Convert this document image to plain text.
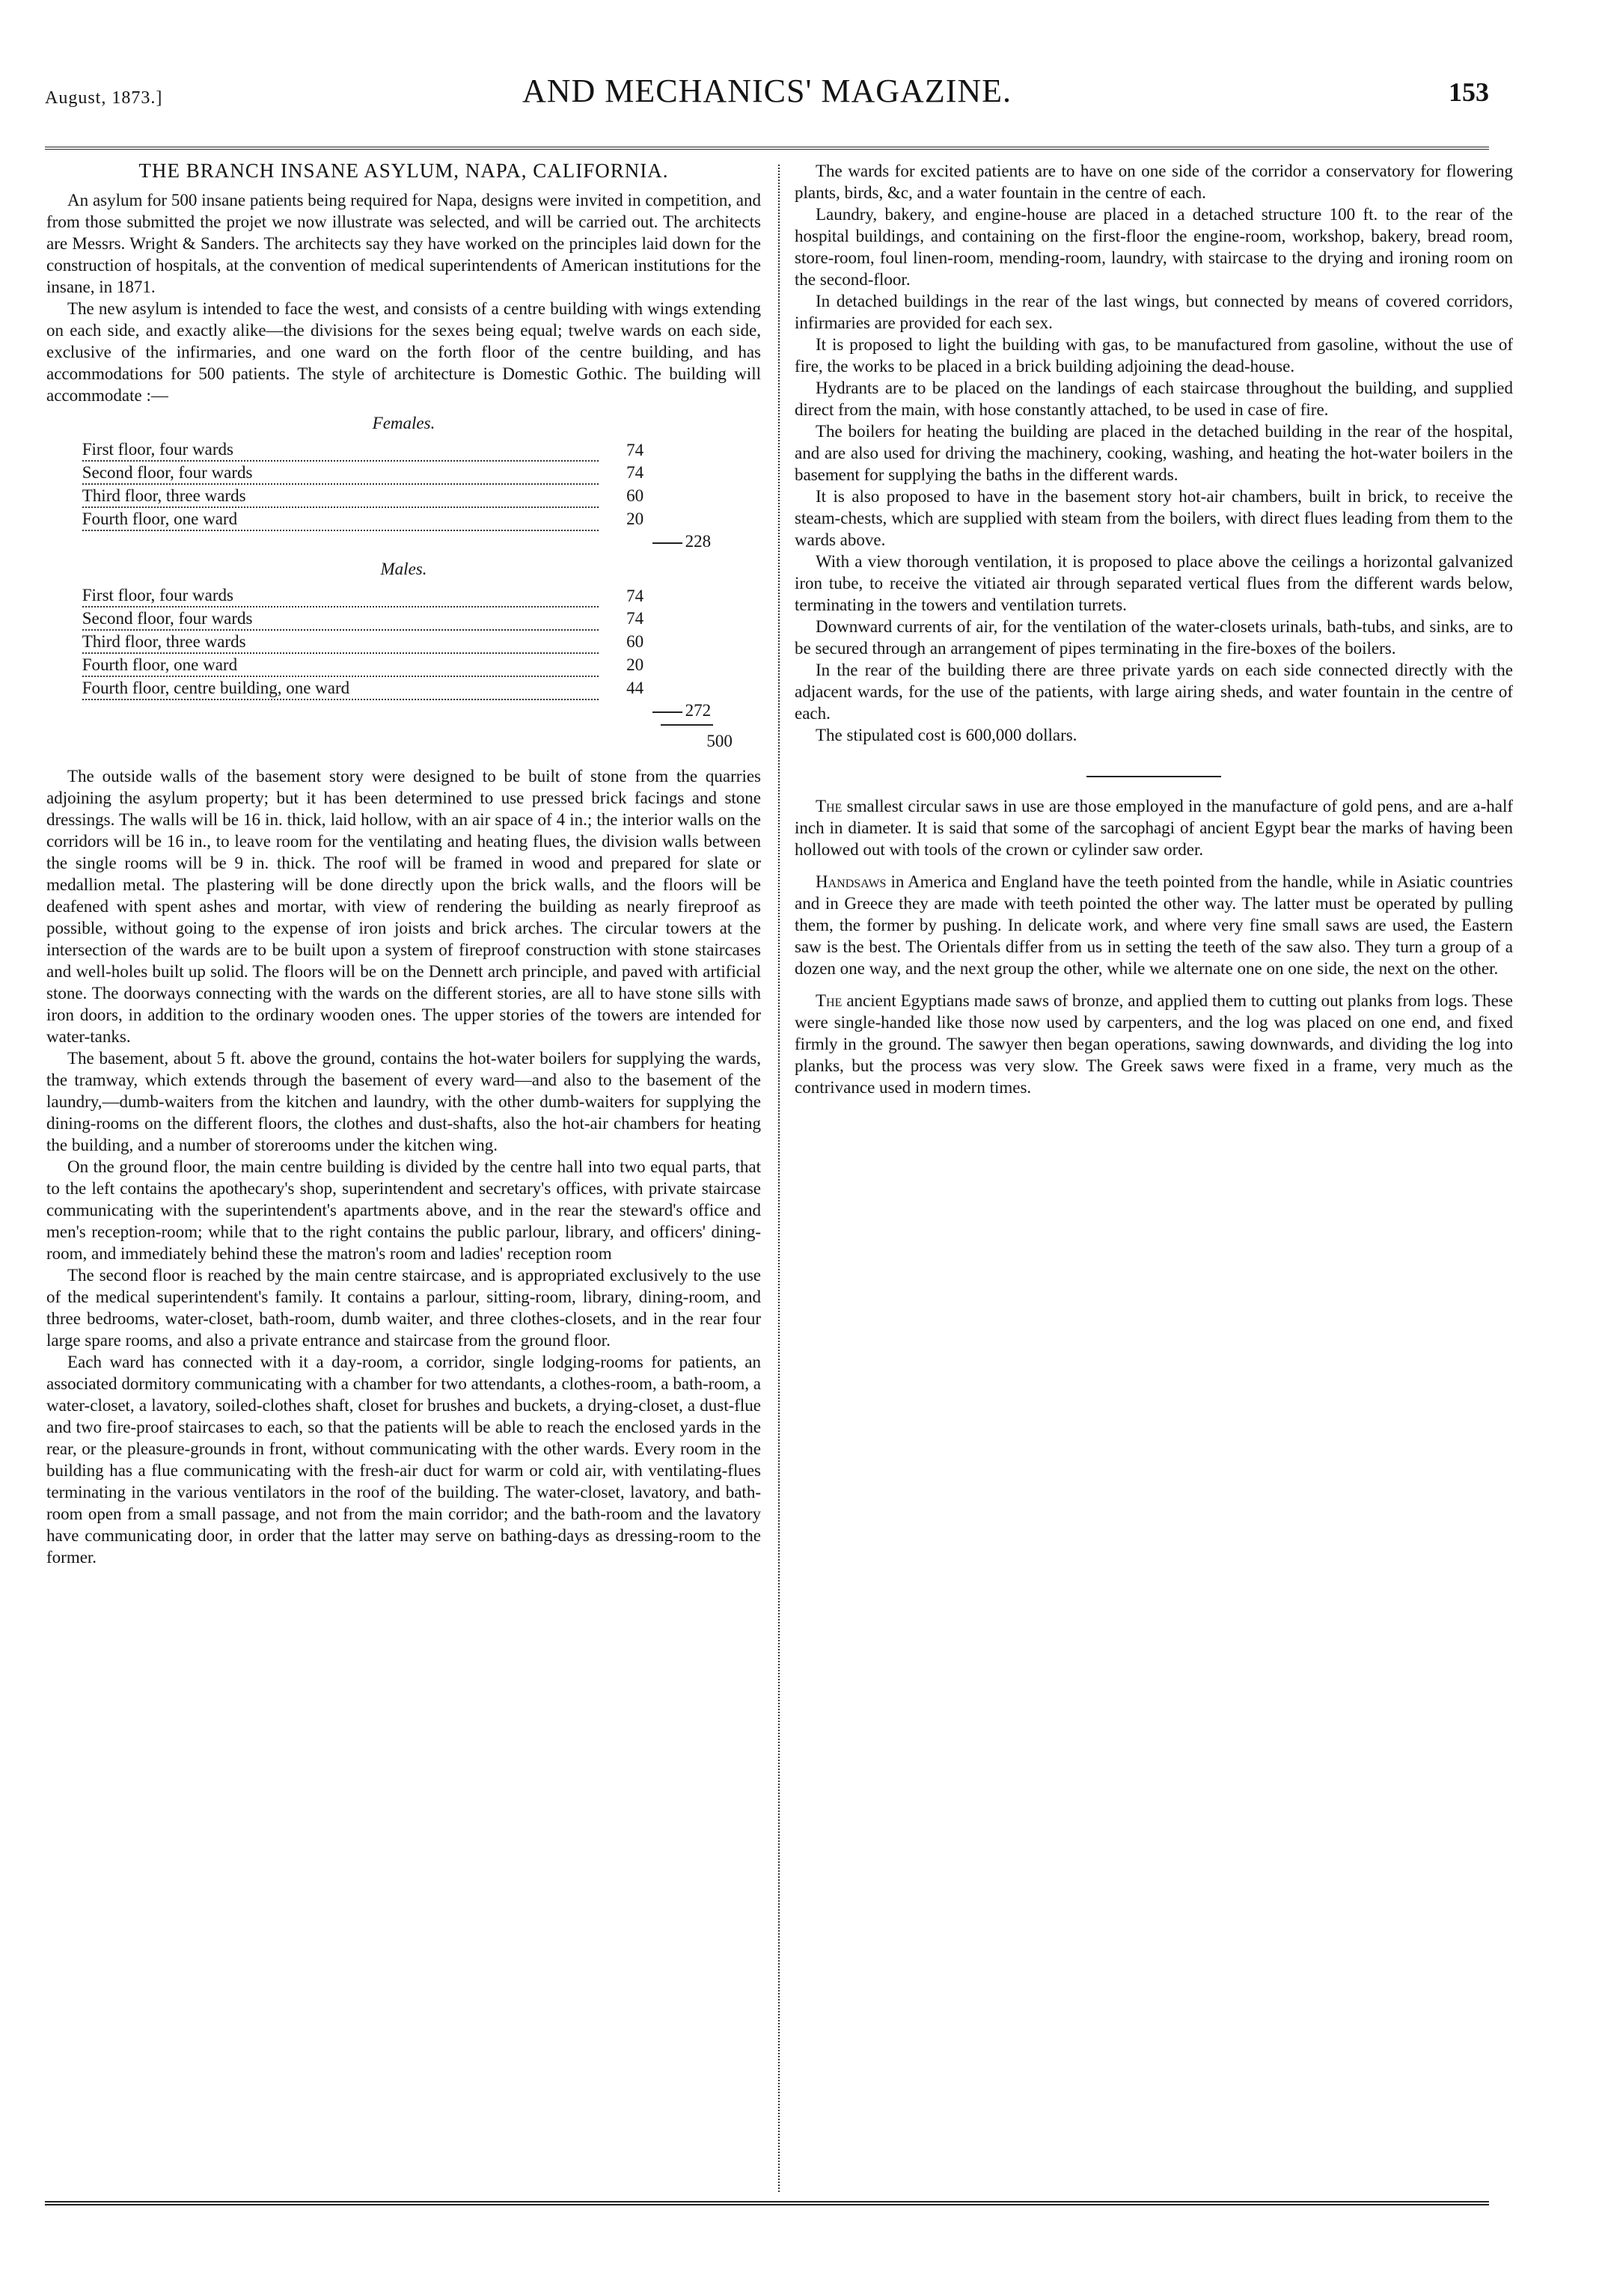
August, 1873.]	AND MECHANICS' MAGAZINE.	153
THE BRANCH INSANE ASYLUM, NAPA, CALIFORNIA.

An asylum for 500 insane patients being required for Napa, designs were invited in competition, and from those submitted the projet we now illustrate was selected, and will be carried out. The architects are Messrs. Wright & Sanders. The architects say they have worked on the principles laid down for the construction of hospitals, at the convention of medical superintendents of American institutions for the insane, in 1871.

The new asylum is intended to face the west, and consists of a centre building with wings extending on each side, and exactly alike—the divisions for the sexes being equal; twelve wards on each side, exclusive of the infirmaries, and one ward on the forth floor of the centre building, and has accommodations for 500 patients. The style of architecture is Domestic Gothic. The building will accommodate :—

Females.
First floor, four wards	74	
Second floor, four wards	74	
Third floor, three wards	60	
Fourth floor, one ward	20	
		228
Males.
First floor, four wards	74	
Second floor, four wards	74	
Third floor, three wards	60	
Fourth floor, one ward	20	
Fourth floor, centre building, one ward	44	
		272
500

The outside walls of the basement story were designed to be built of stone from the quarries adjoining the asylum property; but it has been determined to use pressed brick facings and stone dressings. The walls will be 16 in. thick, laid hollow, with an air space of 4 in.; the interior walls on the corridors will be 16 in., to leave room for the ventilating and heating flues, the division walls between the single rooms will be 9 in. thick. The roof will be framed in wood and prepared for slate or medallion metal. The plastering will be done directly upon the brick walls, and the floors will be deafened with spent ashes and mortar, with view of rendering the building as nearly fireproof as possible, without going to the expense of iron joists and brick arches. The circular towers at the intersection of the wards are to be built upon a system of fireproof construction with stone staircases and well-holes built up solid. The floors will be on the Dennett arch principle, and paved with artificial stone. The doorways connecting with the wards on the different stories, are all to have stone sills with iron doors, in addition to the ordinary wooden ones. The upper stories of the towers are intended for water-tanks.

The basement, about 5 ft. above the ground, contains the hot-water boilers for supplying the wards, the tramway, which extends through the basement of every ward—and also to the basement of the laundry,—dumb-waiters from the kitchen and laundry, with the other dumb-waiters for supplying the dining-rooms on the different floors, the clothes and dust-shafts, also the hot-air chambers for heating the building, and a number of storerooms under the kitchen wing.

On the ground floor, the main centre building is divided by the centre hall into two equal parts, that to the left contains the apothecary's shop, superintendent and secretary's offices, with private staircase communicating with the superintendent's apartments above, and in the rear the steward's office and men's reception-room; while that to the right contains the public parlour, library, and officers' dining-room, and immediately behind these the matron's room and ladies' reception room

The second floor is reached by the main centre staircase, and is appropriated exclusively to the use of the medical superintendent's family. It contains a parlour, sitting-room, library, dining-room, and three bedrooms, water-closet, bath-room, dumb waiter, and three clothes-closets, and in the rear four large spare rooms, and also a private entrance and staircase from the ground floor.

Each ward has connected with it a day-room, a corridor, single lodging-rooms for patients, an associated dormitory communicating with a chamber for two attendants, a clothes-room, a bath-room, a water-closet, a lavatory, soiled-clothes shaft, closet for brushes and buckets, a drying-closet, a dust-flue and two fire-proof staircases to each, so that the patients will be able to reach the enclosed yards in the rear, or the pleasure-grounds in front, without communicating with the other wards. Every room in the building has a flue communicating with the fresh-air duct for warm or cold air, with ventilating-flues terminating in the various ventilators in the roof of the building. The water-closet, lavatory, and bath-room open from a small passage, and not from the main corridor; and the bath-room and the lavatory have communicating door, in order that the latter may serve on bathing-days as dressing-room to the former.

The wards for excited patients are to have on one side of the corridor a conservatory for flowering plants, birds, &c, and a water fountain in the centre of each.

Laundry, bakery, and engine-house are placed in a detached structure 100 ft. to the rear of the hospital buildings, and containing on the first-floor the engine-room, workshop, bakery, bread room, store-room, foul linen-room, mending-room, laundry, with staircase to the drying and ironing room on the second-floor.

In detached buildings in the rear of the last wings, but connected by means of covered corridors, infirmaries are provided for each sex.

It is proposed to light the building with gas, to be manufactured from gasoline, without the use of fire, the works to be placed in a brick building adjoining the dead-house.

Hydrants are to be placed on the landings of each staircase throughout the building, and supplied direct from the main, with hose constantly attached, to be used in case of fire.

The boilers for heating the building are placed in the detached building in the rear of the hospital, and are also used for driving the machinery, cooking, washing, and heating the hot-water boilers in the basement for supplying the baths in the different wards.

It is also proposed to have in the basement story hot-air chambers, built in brick, to receive the steam-chests, which are supplied with steam from the boilers, with direct flues leading from them to the wards above.

With a view thorough ventilation, it is proposed to place above the ceilings a horizontal galvanized iron tube, to receive the vitiated air through separated vertical flues from the different wards below, terminating in the towers and ventilation turrets.

Downward currents of air, for the ventilation of the water-closets urinals, bath-tubs, and sinks, are to be secured through an arrangement of pipes terminating in the fire-boxes of the boilers.

In the rear of the building there are three private yards on each side connected directly with the adjacent wards, for the use of the patients, with large airing sheds, and water fountain in the centre of each.

The stipulated cost is 600,000 dollars.

The smallest circular saws in use are those employed in the manufacture of gold pens, and are a-half inch in diameter. It is said that some of the sarcophagi of ancient Egypt bear the marks of having been hollowed out with tools of the crown or cylinder saw order.

Handsaws in America and England have the teeth pointed from the handle, while in Asiatic countries and in Greece they are made with teeth pointed the other way. The latter must be operated by pulling them, the former by pushing. In delicate work, and where very fine small saws are used, the Eastern saw is the best. The Orientals differ from us in setting the teeth of the saw also. They turn a group of a dozen one way, and the next group the other, while we alternate one on one side, the next on the other.

The ancient Egyptians made saws of bronze, and applied them to cutting out planks from logs. These were single-handed like those now used by carpenters, and the log was placed on one end, and fixed firmly in the ground. The sawyer then began operations, sawing downwards, and dividing the log into planks, but the process was very slow. The Greek saws were fixed in a frame, very much as the contrivance used in modern times.
